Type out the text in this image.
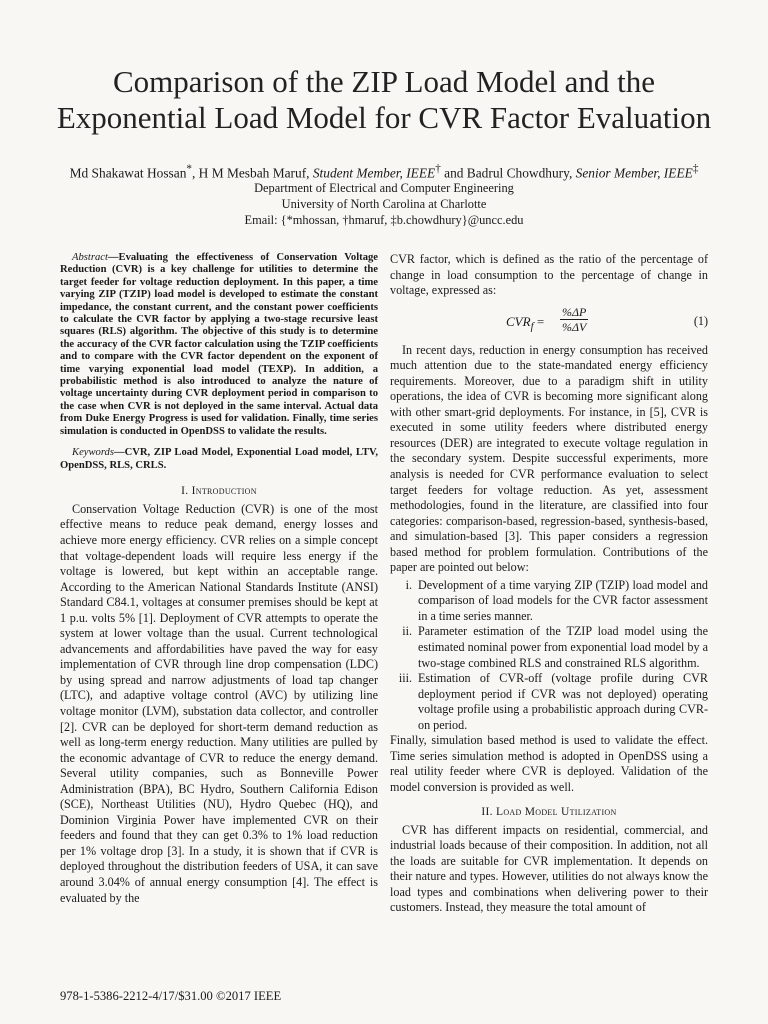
Comparison of the ZIP Load Model and the Exponential Load Model for CVR Factor Evaluation
Md Shakawat Hossan*, H M Mesbah Maruf, Student Member, IEEE† and Badrul Chowdhury, Senior Member, IEEE‡
Department of Electrical and Computer Engineering
University of North Carolina at Charlotte
Email: {*mhossan, †hmaruf, ‡b.chowdhury}@uncc.edu

Abstract—Evaluating the effectiveness of Conservation Voltage Reduction (CVR) is a key challenge for utilities to determine the target feeder for voltage reduction deployment. In this paper, a time varying ZIP (TZIP) load model is developed to estimate the constant impedance, the constant current, and the constant power coefficients to calculate the CVR factor by applying a two-stage recursive least squares (RLS) algorithm. The objective of this study is to determine the accuracy of the CVR factor calculation using the TZIP coefficients and to compare with the CVR factor dependent on the exponent of time varying exponential load model (TEXP). In addition, a probabilistic method is also introduced to analyze the nature of voltage uncertainty during CVR deployment period in comparison to the case when CVR is not deployed in the same interval. Actual data from Duke Energy Progress is used for validation. Finally, time series simulation is conducted in OpenDSS to validate the results.

Keywords—CVR, ZIP Load Model, Exponential Load model, LTV, OpenDSS, RLS, CRLS.

I. Introduction

Conservation Voltage Reduction (CVR) is one of the most effective means to reduce peak demand, energy losses and achieve more energy efficiency. CVR relies on a simple concept that voltage-dependent loads will require less energy if the voltage is lowered, but kept within an acceptable range. According to the American National Standards Institute (ANSI) Standard C84.1, voltages at consumer premises should be kept at 1 p.u. volts 5% [1]. Deployment of CVR attempts to operate the system at lower voltage than the usual. Current technological advancements and affordabilities have paved the way for easy implementation of CVR through line drop compensation (LDC) by using spread and narrow adjustments of load tap changer (LTC), and adaptive voltage control (AVC) by utilizing line voltage monitor (LVM), substation data collector, and controller [2]. CVR can be deployed for short-term demand reduction as well as long-term energy reduction. Many utilities are pulled by the economic advantage of CVR to reduce the energy demand. Several utility companies, such as Bonneville Power Administration (BPA), BC Hydro, Southern California Edison (SCE), Northeast Utilities (NU), Hydro Quebec (HQ), and Dominion Virginia Power have implemented CVR on their feeders and found that they can get 0.3% to 1% load reduction per 1% voltage drop [3]. In a study, it is shown that if CVR is deployed throughout the distribution feeders of USA, it can save around 3.04% of annual energy consumption [4]. The effect is evaluated by the

CVR factor, which is defined as the ratio of the percentage of change in load consumption to the percentage of change in voltage, expressed as:

$CVR_f = \frac{\%\Delta P}{\%\Delta V}$	(1)

In recent days, reduction in energy consumption has received much attention due to the state-mandated energy efficiency requirements. Moreover, due to a paradigm shift in utility operations, the idea of CVR is becoming more significant along with other smart-grid deployments. For instance, in [5], CVR is executed in some utility feeders where distributed energy resources (DER) are integrated to execute voltage regulation in the secondary system. Despite successful experiments, more analysis is needed for CVR performance evaluation to select target feeders for voltage reduction. As yet, assessment methodologies, found in the literature, are classified into four categories: comparison-based, regression-based, synthesis-based, and simulation-based [3]. This paper considers a regression based method for problem formulation. Contributions of the paper are pointed out below:

i. Development of a time varying ZIP (TZIP) load model and comparison of load models for the CVR factor assessment in a time series manner.
ii. Parameter estimation of the TZIP load model using the estimated nominal power from exponential load model by a two-stage combined RLS and constrained RLS algorithm.
iii. Estimation of CVR-off (voltage profile during CVR deployment period if CVR was not deployed) operating voltage profile using a probabilistic approach during CVR-on period.

Finally, simulation based method is used to validate the effect. Time series simulation method is adopted in OpenDSS using a real utility feeder where CVR is deployed. Validation of the model conversion is provided as well.

II. Load Model Utilization

CVR has different impacts on residential, commercial, and industrial loads because of their composition. In addition, not all the loads are suitable for CVR implementation. It depends on their nature and types. However, utilities do not always know the load types and combinations when delivering power to their customers. Instead, they measure the total amount of

978-1-5386-2212-4/17/$31.00 ©2017 IEEE
